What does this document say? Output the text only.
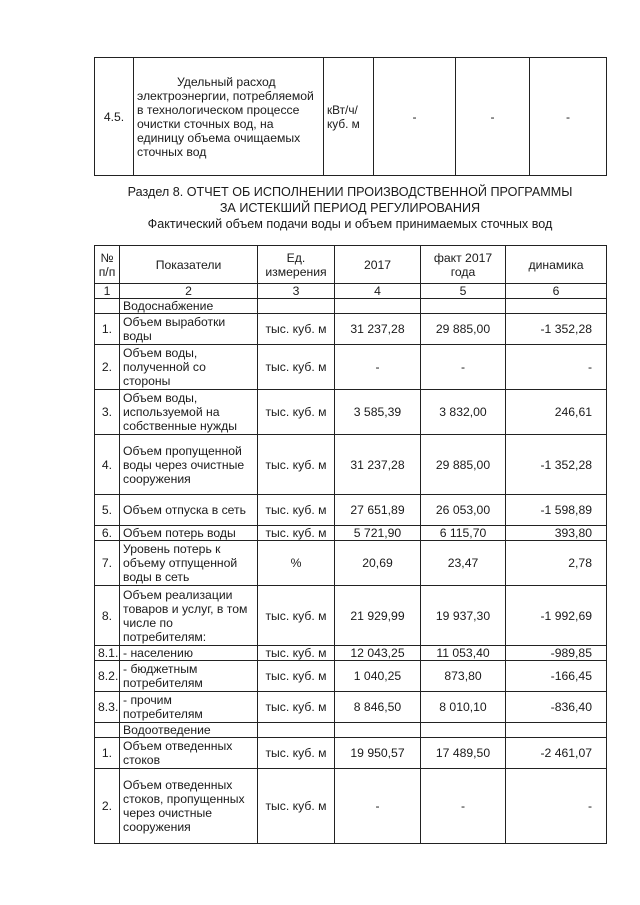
4.5.	Удельный расход электроэнергии, потребляемой в технологическом процессе очистки сточных вод, на единицу объема очищаемых сточных вод	кВт/ч/куб. м	-	-	-
Раздел 8. ОТЧЕТ ОБ ИСПОЛНЕНИИ ПРОИЗВОДСТВЕННОЙ ПРОГРАММЫ
ЗА ИСТЕКШИЙ ПЕРИОД РЕГУЛИРОВАНИЯ
Фактический объем подачи воды и объем принимаемых сточных вод
№ п/п	Показатели	Ед. измерения	2017	факт 2017 года	динамика
1	2	3	4	5	6
	Водоснабжение				
1.	Объем выработки воды	тыс. куб. м	31 237,28	29 885,00	-1 352,28
2.	Объем воды, полученной со стороны	тыс. куб. м	-	-	-
3.	Объем воды, используемой на собственные нужды	тыс. куб. м	3 585,39	3 832,00	246,61
4.	Объем пропущенной воды через очистные сооружения	тыс. куб. м	31 237,28	29 885,00	-1 352,28
5.	Объем отпуска в сеть	тыс. куб. м	27 651,89	26 053,00	-1 598,89
6.	Объем потерь воды	тыс. куб. м	5 721,90	6 115,70	393,80
7.	Уровень потерь к объему отпущенной воды в сеть	%	20,69	23,47	2,78
8.	Объем реализации товаров и услуг, в том числе по потребителям:	тыс. куб. м	21 929,99	19 937,30	-1 992,69
8.1.	- населению	тыс. куб. м	12 043,25	11 053,40	-989,85
8.2.	- бюджетным потребителям	тыс. куб. м	1 040,25	873,80	-166,45
8.3.	- прочим потребителям	тыс. куб. м	8 846,50	8 010,10	-836,40
	Водоотведение				
1.	Объем отведенных стоков	тыс. куб. м	19 950,57	17 489,50	-2 461,07
2.	Объем отведенных стоков, пропущенных через очистные сооружения	тыс. куб. м	-	-	-
